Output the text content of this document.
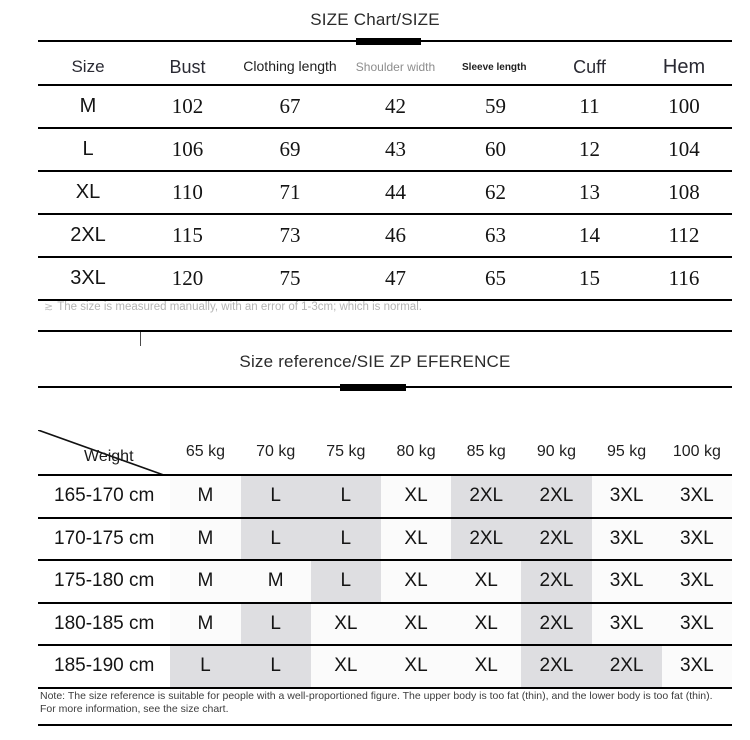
SIZE Chart/SIZE
Size	Bust	Clothing length	Shoulder width	Sleeve length	Cuff	Hem
M	102	67	42	59	11	100
L	106	69	43	60	12	104
XL	110	71	44	62	13	108
2XL	115	73	46	63	14	112
3XL	120	75	47	65	15	116
≳ The size is measured manually, with an error of 1-3cm; which is normal.
Size reference/SIE ZP EFERENCE
Weight	65 kg	70 kg	75 kg	80 kg	85 kg	90 kg	95 kg	100 kg
165-170 cm	M	L	L	XL	2XL	2XL	3XL	3XL
170-175 cm	M	L	L	XL	2XL	2XL	3XL	3XL
175-180 cm	M	M	L	XL	XL	2XL	3XL	3XL
180-185 cm	M	L	XL	XL	XL	2XL	3XL	3XL
185-190 cm	L	L	XL	XL	XL	2XL	2XL	3XL
Note: The size reference is suitable for people with a well-proportioned figure. The upper body is too fat (thin), and the lower body is too fat (thin). For more information, see the size chart.
